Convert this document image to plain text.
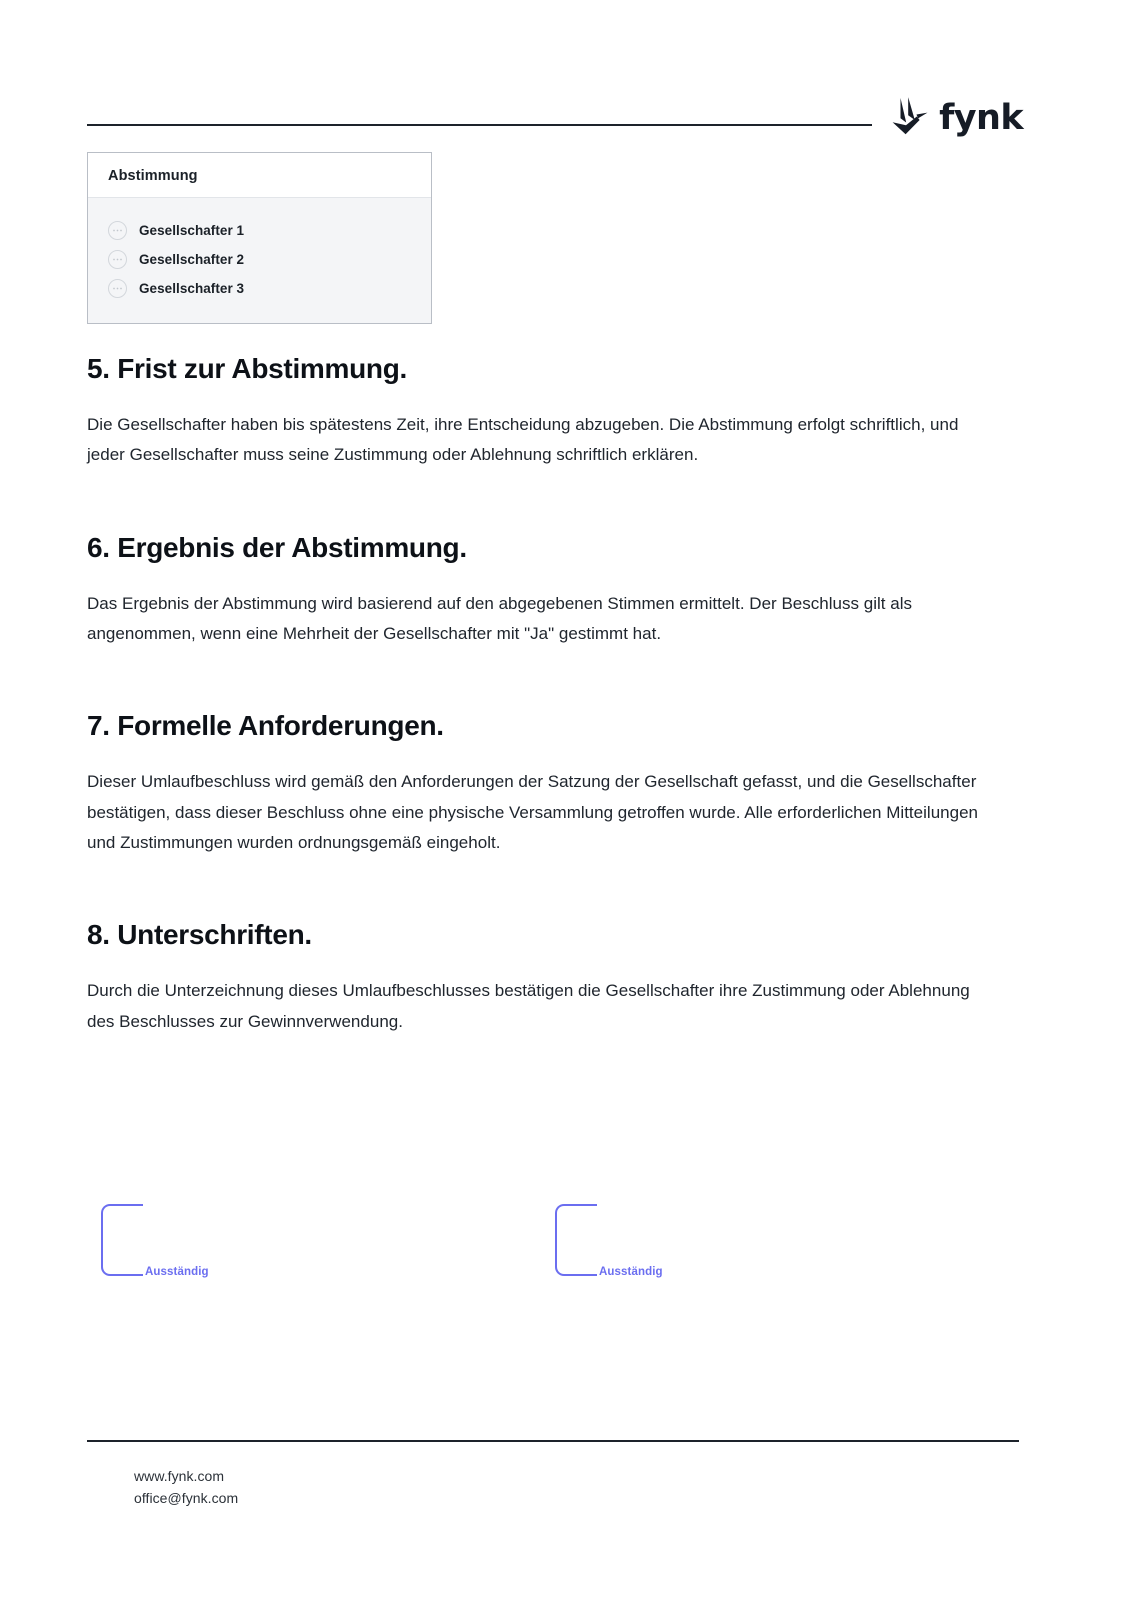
fynk
Abstimmung
Gesellschafter 1
Gesellschafter 2
Gesellschafter 3
5. Frist zur Abstimmung.

Die Gesellschafter haben bis spätestens Zeit, ihre Entscheidung abzugeben. Die Abstimmung erfolgt schriftlich, und jeder Gesellschafter muss seine Zustimmung oder Ablehnung schriftlich erklären.

6. Ergebnis der Abstimmung.

Das Ergebnis der Abstimmung wird basierend auf den abgegebenen Stimmen ermittelt. Der Beschluss gilt als angenommen, wenn eine Mehrheit der Gesellschafter mit "Ja" gestimmt hat.

7. Formelle Anforderungen.

Dieser Umlaufbeschluss wird gemäß den Anforderungen der Satzung der Gesellschaft gefasst, und die Gesellschafter bestätigen, dass dieser Beschluss ohne eine physische Versammlung getroffen wurde. Alle erforderlichen Mitteilungen und Zustimmungen wurden ordnungsgemäß eingeholt.

8. Unterschriften.

Durch die Unterzeichnung dieses Umlaufbeschlusses bestätigen die Gesellschafter ihre Zustimmung oder Ablehnung des Beschlusses zur Gewinnverwendung.

Ausständig	Ausständig
www.fynk.com
office@fynk.com
